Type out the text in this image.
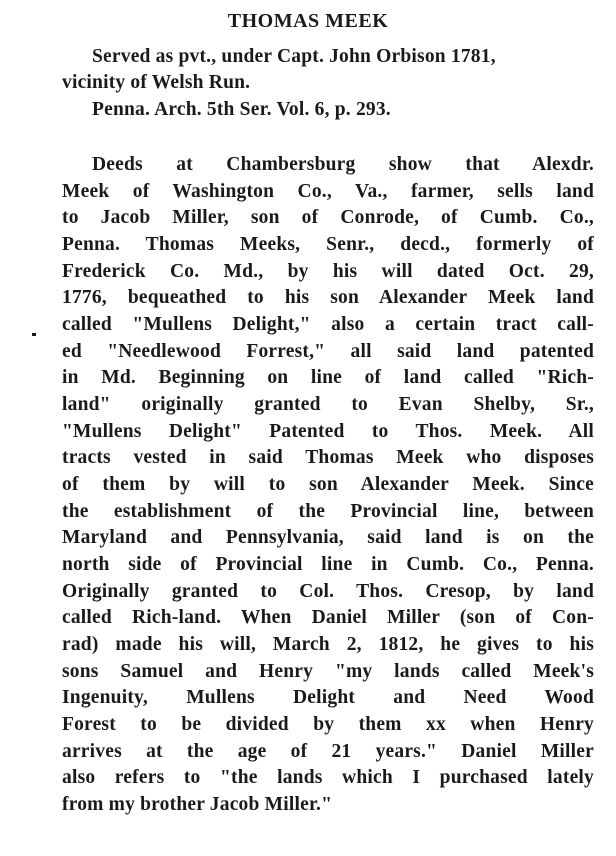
THOMAS MEEK
Served as pvt., under Capt. John Orbison 1781,
vicinity of Welsh Run.
Penna. Arch. 5th Ser. Vol. 6, p. 293.
Deeds at Chambersburg show that Alexdr.
Meek of Washington Co., Va., farmer, sells land
to Jacob Miller, son of Conrode, of Cumb. Co.,
Penna. Thomas Meeks, Senr., decd., formerly of
Frederick Co. Md., by his will dated Oct. 29,
1776, bequeathed to his son Alexander Meek land
called "Mullens Delight," also a certain tract call-
ed "Needlewood Forrest," all said land patented
in Md. Beginning on line of land called "Rich-
land" originally granted to Evan Shelby, Sr.,
"Mullens Delight" Patented to Thos. Meek. All
tracts vested in said Thomas Meek who disposes
of them by will to son Alexander Meek. Since
the establishment of the Provincial line, between
Maryland and Pennsylvania, said land is on the
north side of Provincial line in Cumb. Co., Penna.
Originally granted to Col. Thos. Cresop, by land
called Rich-land. When Daniel Miller (son of Con-
rad) made his will, March 2, 1812, he gives to his
sons Samuel and Henry "my lands called Meek's
Ingenuity, Mullens Delight and Need Wood
Forest to be divided by them xx when Henry
arrives at the age of 21 years." Daniel Miller
also refers to "the lands which I purchased lately
from my brother Jacob Miller."
